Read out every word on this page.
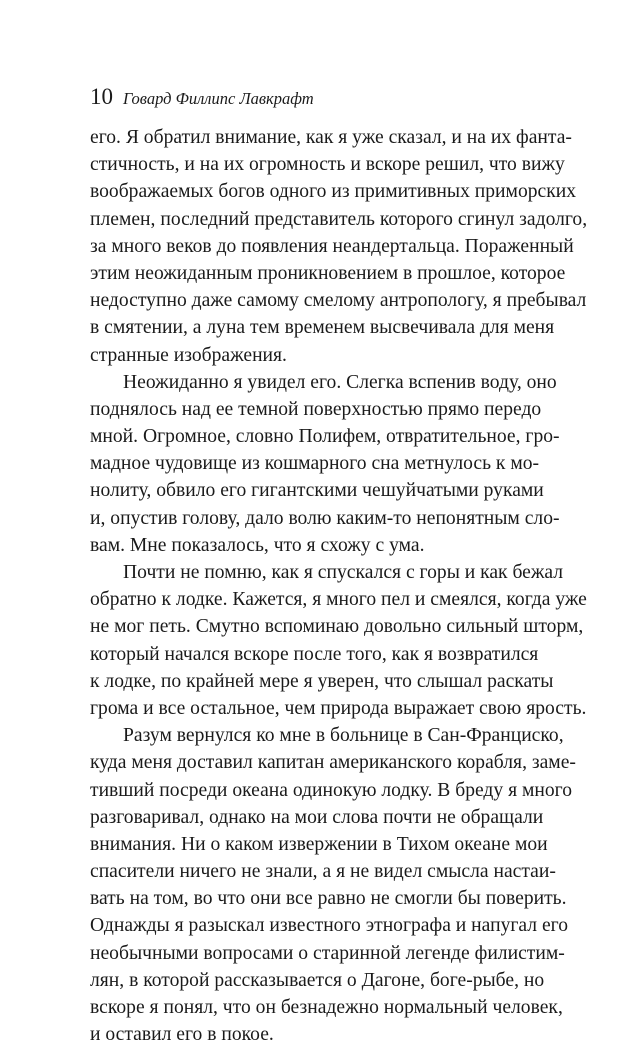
10 Говард Филлипс Лавкрафт
его. Я обратил внимание, как я уже сказал, и на их фанта-
стичность, и на их огромность и вскоре решил, что вижу
воображаемых богов одного из примитивных приморских
племен, последний представитель которого сгинул задолго,
за много веков до появления неандертальца. Пораженный
этим неожиданным проникновением в прошлое, которое
недоступно даже самому смелому антропологу, я пребывал
в смятении, а луна тем временем высвечивала для меня
странные изображения.
Неожиданно я увидел его. Слегка вспенив воду, оно
поднялось над ее темной поверхностью прямо передо
мной. Огромное, словно Полифем, отвратительное, гро-
мадное чудовище из кошмарного сна метнулось к мо-
нолиту, обвило его гигантскими чешуйчатыми руками
и, опустив голову, дало волю каким-то непонятным сло-
вам. Мне показалось, что я схожу с ума.
Почти не помню, как я спускался с горы и как бежал
обратно к лодке. Кажется, я много пел и смеялся, когда уже
не мог петь. Смутно вспоминаю довольно сильный шторм,
который начался вскоре после того, как я возвратился
к лодке, по крайней мере я уверен, что слышал раскаты
грома и все остальное, чем природа выражает свою ярость.
Разум вернулся ко мне в больнице в Сан-Франциско,
куда меня доставил капитан американского корабля, заме-
тивший посреди океана одинокую лодку. В бреду я много
разговаривал, однако на мои слова почти не обращали
внимания. Ни о каком извержении в Тихом океане мои
спасители ничего не знали, а я не видел смысла настаи-
вать на том, во что они все равно не смогли бы поверить.
Однажды я разыскал известного этнографа и напугал его
необычными вопросами о старинной легенде филистим-
лян, в которой рассказывается о Дагоне, боге-рыбе, но
вскоре я понял, что он безнадежно нормальный человек,
и оставил его в покое.
